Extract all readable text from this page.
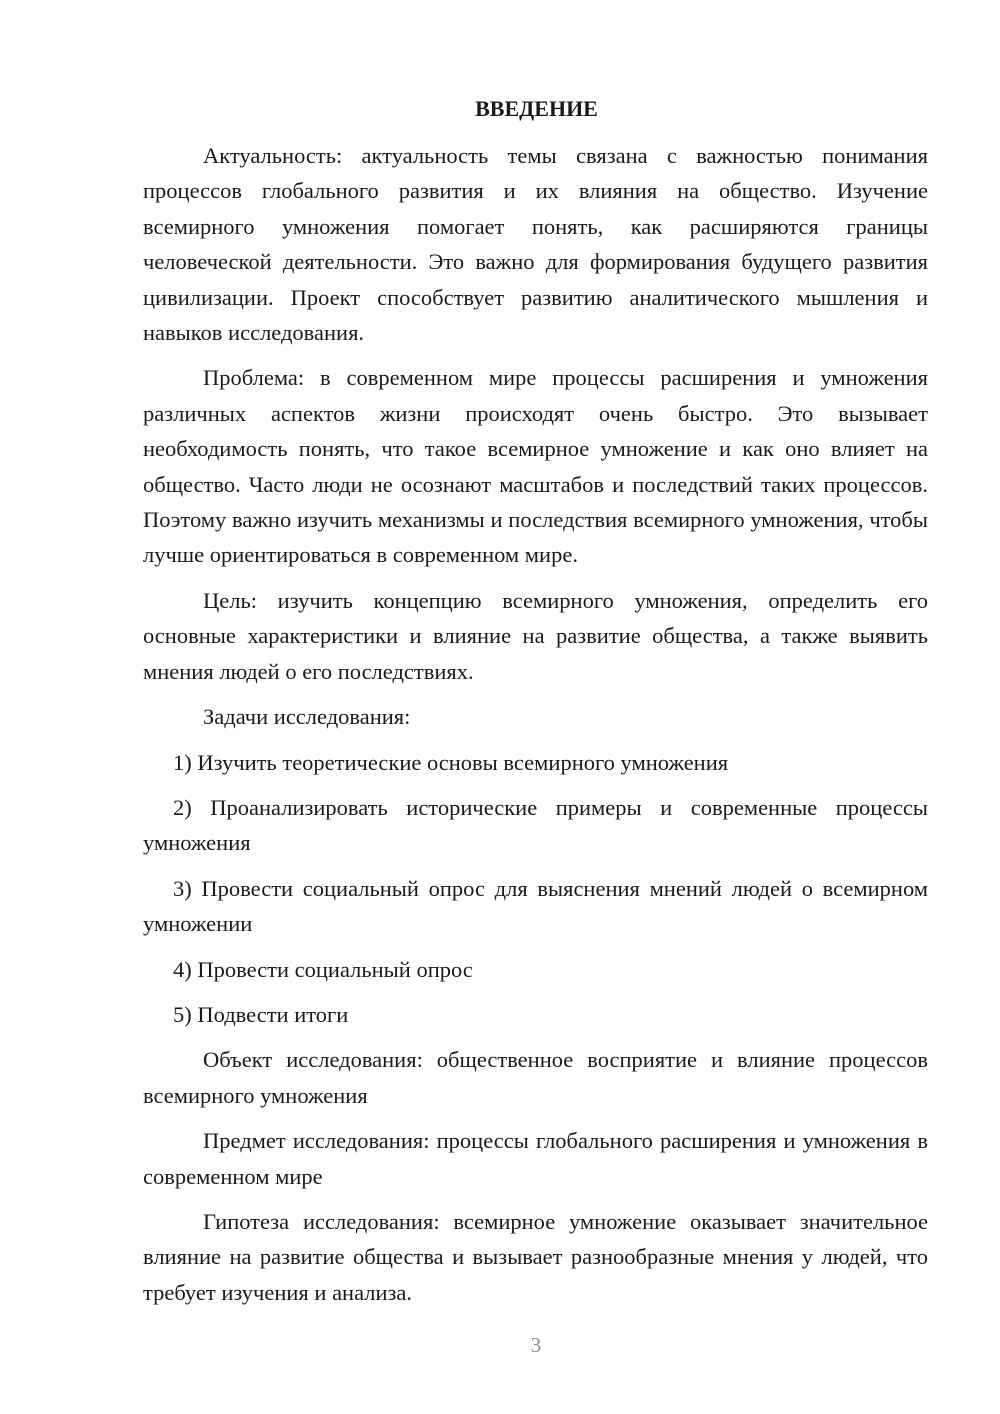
ВВЕДЕНИЕ

Актуальность: актуальность темы связана с важностью понимания процессов глобального развития и их влияния на общество. Изучение всемирного умножения помогает понять, как расширяются границы человеческой деятельности. Это важно для формирования будущего развития цивилизации. Проект способствует развитию аналитического мышления и навыков исследования.

Проблема: в современном мире процессы расширения и умножения различных аспектов жизни происходят очень быстро. Это вызывает необходимость понять, что такое всемирное умножение и как оно влияет на общество. Часто люди не осознают масштабов и последствий таких процессов. Поэтому важно изучить механизмы и последствия всемирного умножения, чтобы лучше ориентироваться в современном мире.

Цель: изучить концепцию всемирного умножения, определить его основные характеристики и влияние на развитие общества, а также выявить мнения людей о его последствиях.

Задачи исследования:

1) Изучить теоретические основы всемирного умножения

2) Проанализировать исторические примеры и современные процессы умножения

3) Провести социальный опрос для выяснения мнений людей о всемирном умножении

4) Провести социальный опрос

5) Подвести итоги

Объект исследования: общественное восприятие и влияние процессов всемирного умножения

Предмет исследования: процессы глобального расширения и умножения в современном мире

Гипотеза исследования: всемирное умножение оказывает значительное влияние на развитие общества и вызывает разнообразные мнения у людей, что требует изучения и анализа.

3
